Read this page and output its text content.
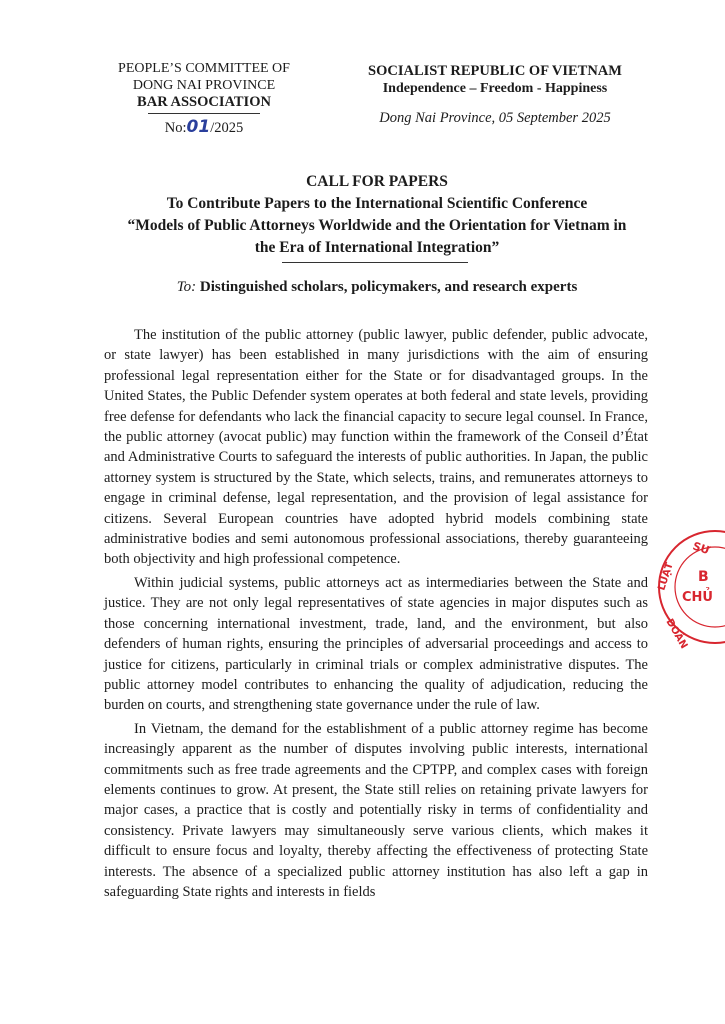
PEOPLE’S COMMITTEE OF
DONG NAI PROVINCE
BAR ASSOCIATION
No:01/2025
SOCIALIST REPUBLIC OF VIETNAM
Independence – Freedom - Happiness
Dong Nai Province, 05 September 2025
CALL FOR PAPERS
To Contribute Papers to the International Scientific Conference
“Models of Public Attorneys Worldwide and the Orientation for Vietnam in
the Era of International Integration”
To: Distinguished scholars, policymakers, and research experts

The institution of the public attorney (public lawyer, public defender, public advocate, or state lawyer) has been established in many jurisdictions with the aim of ensuring professional legal representation either for the State or for disadvantaged groups. In the United States, the Public Defender system operates at both federal and state levels, providing free defense for defendants who lack the financial capacity to secure legal counsel. In France, the public attorney (avocat public) may function within the framework of the Conseil d’État and Administrative Courts to safeguard the interests of public authorities. In Japan, the public attorney system is structured by the State, which selects, trains, and remunerates attorneys to engage in criminal defense, legal representation, and the provision of legal assistance for citizens. Several European countries have adopted hybrid models combining state administrative bodies and semi autonomous professional associations, thereby guaranteeing both objectivity and high professional competence.

Within judicial systems, public attorneys act as intermediaries between the State and justice. They are not only legal representatives of state agencies in major disputes such as those concerning international investment, trade, land, and the environment, but also defenders of human rights, ensuring the principles of adversarial proceedings and access to justice for citizens, particularly in criminal trials or complex administrative disputes. The public attorney model contributes to enhancing the quality of adjudication, reducing the burden on courts, and strengthening state governance under the rule of law.

In Vietnam, the demand for the establishment of a public attorney regime has become increasingly apparent as the number of disputes involving public interests, international commitments such as free trade agreements and the CPTPP, and complex cases with foreign elements continues to grow. At present, the State still relies on retaining private lawyers for major cases, a practice that is costly and potentially risky in terms of confidentiality and consistency. Private lawyers may simultaneously serve various clients, which makes it difficult to ensure focus and loyalty, thereby affecting the effectiveness of protecting State interests. The absence of a specialized public attorney institution has also left a gap in safeguarding State rights and interests in fields

SƯ
LUẬT
ĐOÀN
B
CHỦ
